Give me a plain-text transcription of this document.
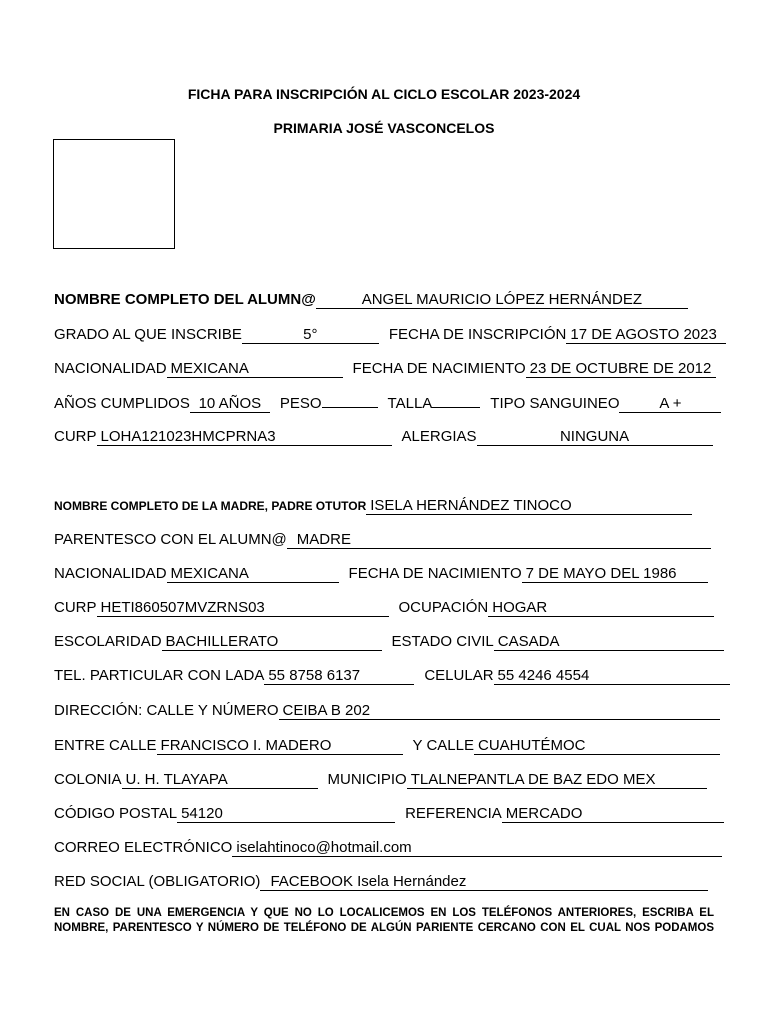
FICHA PARA INSCRIPCIÓN AL CICLO ESCOLAR 2023-2024
PRIMARIA JOSÉ VASCONCELOS
NOMBRE COMPLETO DEL ALUMN@	ANGEL MAURICIO LÓPEZ HERNÁNDEZ
GRADO AL QUE INSCRIBE	5°	FECHA DE INSCRIPCIÓN 17 DE AGOSTO 2023
NACIONALIDAD MEXICANA	FECHA DE NACIMIENTO 23 DE OCTUBRE DE 2012
AÑOS CUMPLIDOS 10 AÑOS PESO	TALLA	TIPO SANGUINEO	A +
CURP LOHA121023HMCPRNA3	ALERGIAS	NINGUNA
NOMBRE COMPLETO DE LA MADRE, PADRE OTUTOR ISELA HERNÁNDEZ TINOCO
PARENTESCO CON EL ALUMN@ MADRE
NACIONALIDAD MEXICANA	FECHA DE NACIMIENTO 7 DE MAYO DEL 1986
CURP HETI860507MVZRNS03	OCUPACIÓN HOGAR
ESCOLARIDAD BACHILLERATO	ESTADO CIVIL CASADA
TEL. PARTICULAR CON LADA 55 8758 6137	CELULAR 55 4246 4554
DIRECCIÓN: CALLE Y NÚMERO CEIBA B 202
ENTRE CALLE FRANCISCO I. MADERO	Y CALLE CUAHUTÉMOC
COLONIA U. H. TLAYAPA	MUNICIPIO TLALNEPANTLA DE BAZ EDO MEX
CÓDIGO POSTAL 54120	REFERENCIA MERCADO
CORREO ELECTRÓNICO iselahtinoco@hotmail.com
RED SOCIAL (OBLIGATORIO) FACEBOOK Isela Hernández
EN CASO DE UNA EMERGENCIA Y QUE NO LO LOCALICEMOS EN LOS TELÉFONOS ANTERIORES, ESCRIBA EL NOMBRE, PARENTESCO Y NÚMERO DE TELÉFONO DE ALGÚN PARIENTE CERCANO CON EL CUAL NOS PODAMOS
